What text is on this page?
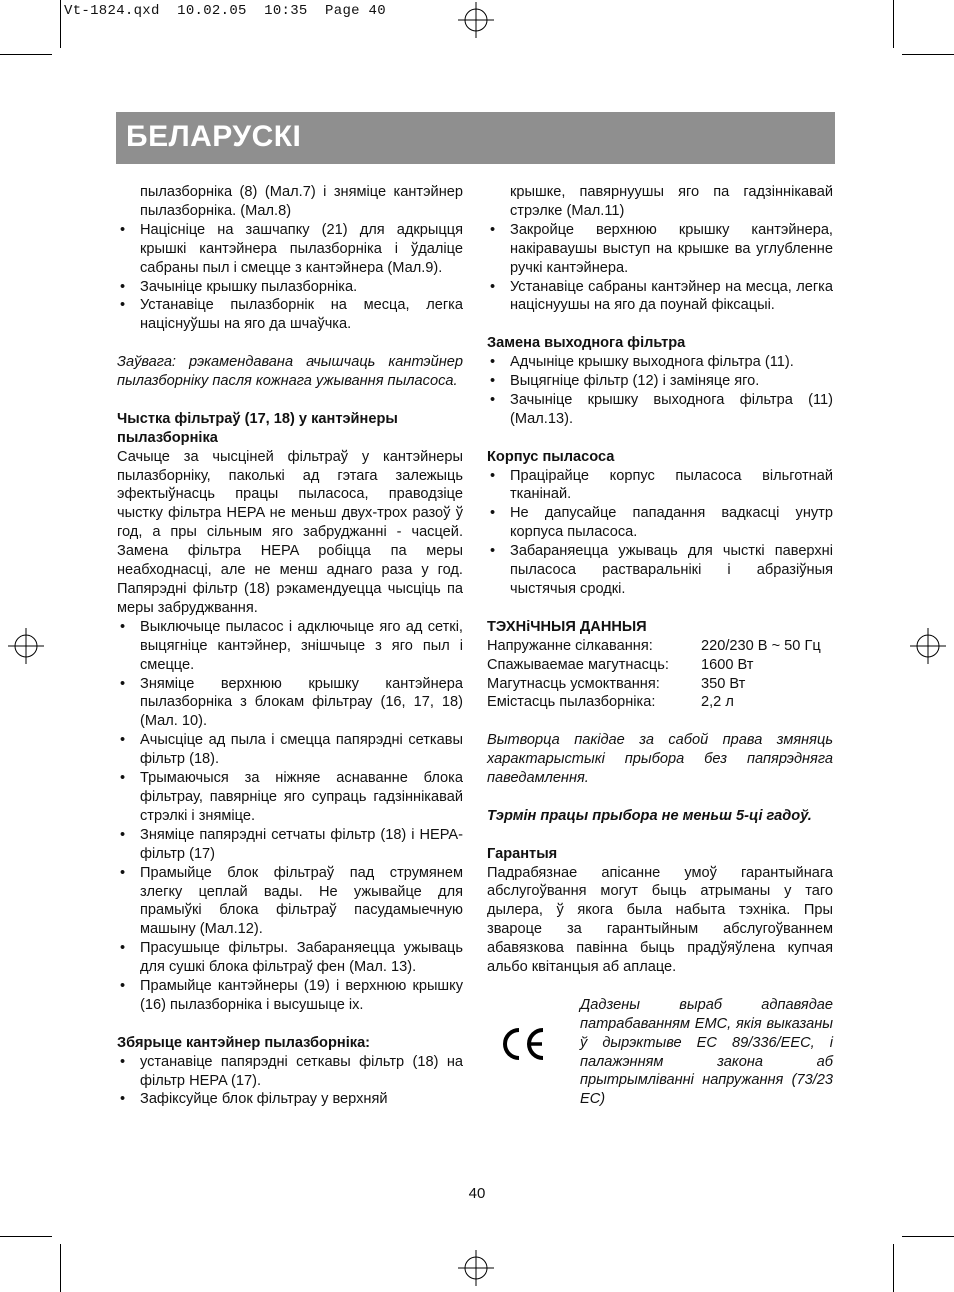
Vt-1824.qxd  10.02.05  10:35  Page 40
БЕЛАРУСКІ

пылазборніка (8) (Мал.7) і зняміце кантэйнер пылазборніка. (Мал.8)

• Націсніце на зашчапку (21) для адкрыцця крышкі кантэйнера пылазборніка і ўдаліце сабраны пыл і смецце з кантэйнера (Мал.9).
• Зачыніце крышку пылазборніка.
• Устанавіце пылазборнік на месца, легка націснуўшы на яго да шчаўчка.

Заўвага: рэкамендавана ачышчаць кантэйнер пылазборніку пасля кожнага ужывання пыласоса.

Чыстка фільтраў (17, 18) у кантэйнеры пылазборніка

Сачыце за чысцiней фільтраў у кантэйнеры пылазборніку, паколькі ад гэтага залежыць эфектыўнасць працы пыласоса, праводзіце чыстку фільтра HEPA не меньш двух-трох разоў ў год, а пры сільным яго забруджанні - часцей. Замена фільтра HEPA робіцца па меры неабходнасці, але не менш аднаго разa у год. Папярэдні фільтр (18) рэкамендуецца чысціць па меры забруджвання.

• Выключыце пыласос і адключыце яго ад сеткі, выцягніце кантэйнер, знішчыце з яго пыл і смецце.
• Зняміце верхнюю крышку кантэйнера пылазборніка з блокам фільтрау (16, 17, 18) (Мал. 10).
• Ачысціце ад пыла і смецца папярэдні сеткавы фільтр (18).
• Трымаючыся за ніжняе аснаванне блока фільтрау, павярніце яго супраць гадзіннікавай стрэлкі і зняміце.
• Зняміце папярэдні сетчаты фільтр (18) і HEPA-фільтр (17)
• Прамыйце блок фільтраў пад струмянем злегку цеплай вады. Не ужывайце для прамыўкі блока фільтраў пасудамыечную машыну (Мал.12).
• Прасушыце фільтры. Забараняецца ужываць для сушкі блока фільтраў фен (Мал. 13).
• Прамыйце кантэйнеры (19) і верхнюю крышку (16) пылазборніка і высушыце іх.
Збярыце кантэйнер пылазборніка:
• устанавіце папярэдні сеткавы фільтр (18) на фільтр HEPA (17).
• Зафіксуйце блок фільтрау у верхняй

крышке, павярнуушы яго па гадзіннікавай стрэлке (Мал.11)

• Закройце верхнюю крышку кантэйнера, накіраваушы выступ на крышке ва углубленне ручкі кантэйнера.
• Устанавіце сабраны кантэйнер на месца, легка націснуушы на яго да поунай фіксацыі.
Замена выходнога фільтра
• Адчыніце крышку выходнога фільтра (11).
• Выцягніце фільтр (12) і заміняце яго.
• Зачыніце крышку выходнога фільтра (11) (Мал.13).
Корпус пыласоса
• Праціpайце корпус пыласоса вільготнай тканінай.
• Не дапусайце пападання вадкасці унутр корпуса пыласоса.
• Забараняецца ужываць для чысткі паверхні пыласоса растваральнікі і абразіўныя чыстячыя сродкі.
ТЭХНiЧНЫЯ ДАННЫЯ
Напружанне сілкавання:	220/230 В ~ 50 Гц
Спажываемае магутнасць:	1600 Вт
Магутнасць усмоктвання:	350 Вт
Емістасць пылазборніка:	2,2 л

Вытворца пакідае за сабой права змяняць характарыстыкі прыбора без папярэдняга паведамлення.

Тэрмін працы прыбора не меньш 5-ці гадоў.

Гарантыя

Падрабязнае апісанне умоў гарантыйнага абслугоўвання могут быць атрыманы у таго дылера, ў якога была набыта тэхніка. Пры звароце за гарантыйным абслугоўваннем абавязкова павінна быць прадўяўлена купчая альбо квітанцыя аб аплаце.

Дадзены выраб адпавядае патрабаванням EMC, якія выказаны ў дырэктыве EC 89/336/EEC, і палажэнням закона аб прытрымліванні напружання (73/23 EC)

40
